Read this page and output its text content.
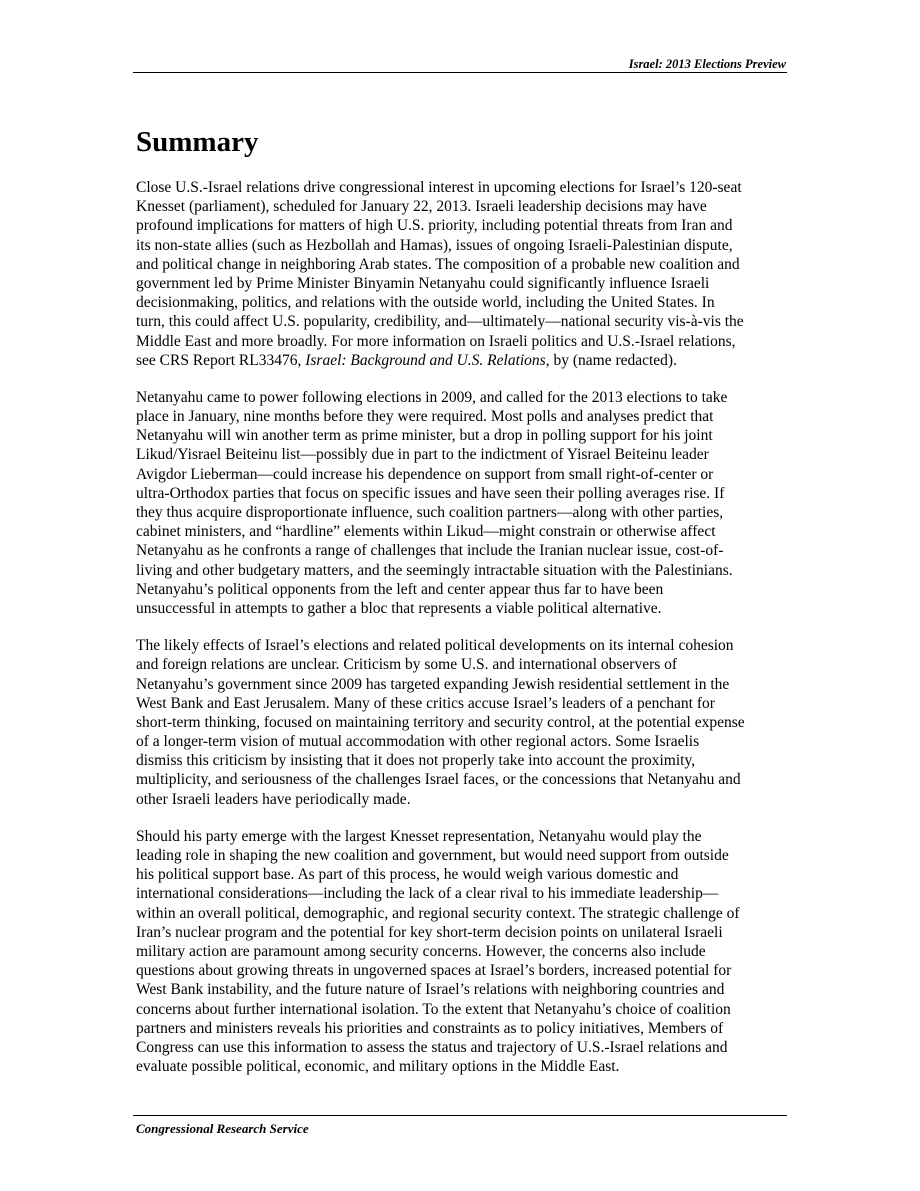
Israel: 2013 Elections Preview
Summary
Close U.S.-Israel relations drive congressional interest in upcoming elections for Israel’s 120-seat
Knesset (parliament), scheduled for January 22, 2013. Israeli leadership decisions may have
profound implications for matters of high U.S. priority, including potential threats from Iran and
its non-state allies (such as Hezbollah and Hamas), issues of ongoing Israeli-Palestinian dispute,
and political change in neighboring Arab states. The composition of a probable new coalition and
government led by Prime Minister Binyamin Netanyahu could significantly influence Israeli
decisionmaking, politics, and relations with the outside world, including the United States. In
turn, this could affect U.S. popularity, credibility, and—ultimately—national security vis-à-vis the
Middle East and more broadly. For more information on Israeli politics and U.S.-Israel relations,
see CRS Report RL33476, Israel: Background and U.S. Relations, by (name redacted).
Netanyahu came to power following elections in 2009, and called for the 2013 elections to take
place in January, nine months before they were required. Most polls and analyses predict that
Netanyahu will win another term as prime minister, but a drop in polling support for his joint
Likud/Yisrael Beiteinu list—possibly due in part to the indictment of Yisrael Beiteinu leader
Avigdor Lieberman—could increase his dependence on support from small right-of-center or
ultra-Orthodox parties that focus on specific issues and have seen their polling averages rise. If
they thus acquire disproportionate influence, such coalition partners—along with other parties,
cabinet ministers, and “hardline” elements within Likud—might constrain or otherwise affect
Netanyahu as he confronts a range of challenges that include the Iranian nuclear issue, cost-of-
living and other budgetary matters, and the seemingly intractable situation with the Palestinians.
Netanyahu’s political opponents from the left and center appear thus far to have been
unsuccessful in attempts to gather a bloc that represents a viable political alternative.
The likely effects of Israel’s elections and related political developments on its internal cohesion
and foreign relations are unclear. Criticism by some U.S. and international observers of
Netanyahu’s government since 2009 has targeted expanding Jewish residential settlement in the
West Bank and East Jerusalem. Many of these critics accuse Israel’s leaders of a penchant for
short-term thinking, focused on maintaining territory and security control, at the potential expense
of a longer-term vision of mutual accommodation with other regional actors. Some Israelis
dismiss this criticism by insisting that it does not properly take into account the proximity,
multiplicity, and seriousness of the challenges Israel faces, or the concessions that Netanyahu and
other Israeli leaders have periodically made.
Should his party emerge with the largest Knesset representation, Netanyahu would play the
leading role in shaping the new coalition and government, but would need support from outside
his political support base. As part of this process, he would weigh various domestic and
international considerations—including the lack of a clear rival to his immediate leadership—
within an overall political, demographic, and regional security context. The strategic challenge of
Iran’s nuclear program and the potential for key short-term decision points on unilateral Israeli
military action are paramount among security concerns. However, the concerns also include
questions about growing threats in ungoverned spaces at Israel’s borders, increased potential for
West Bank instability, and the future nature of Israel’s relations with neighboring countries and
concerns about further international isolation. To the extent that Netanyahu’s choice of coalition
partners and ministers reveals his priorities and constraints as to policy initiatives, Members of
Congress can use this information to assess the status and trajectory of U.S.-Israel relations and
evaluate possible political, economic, and military options in the Middle East.
Congressional Research Service
